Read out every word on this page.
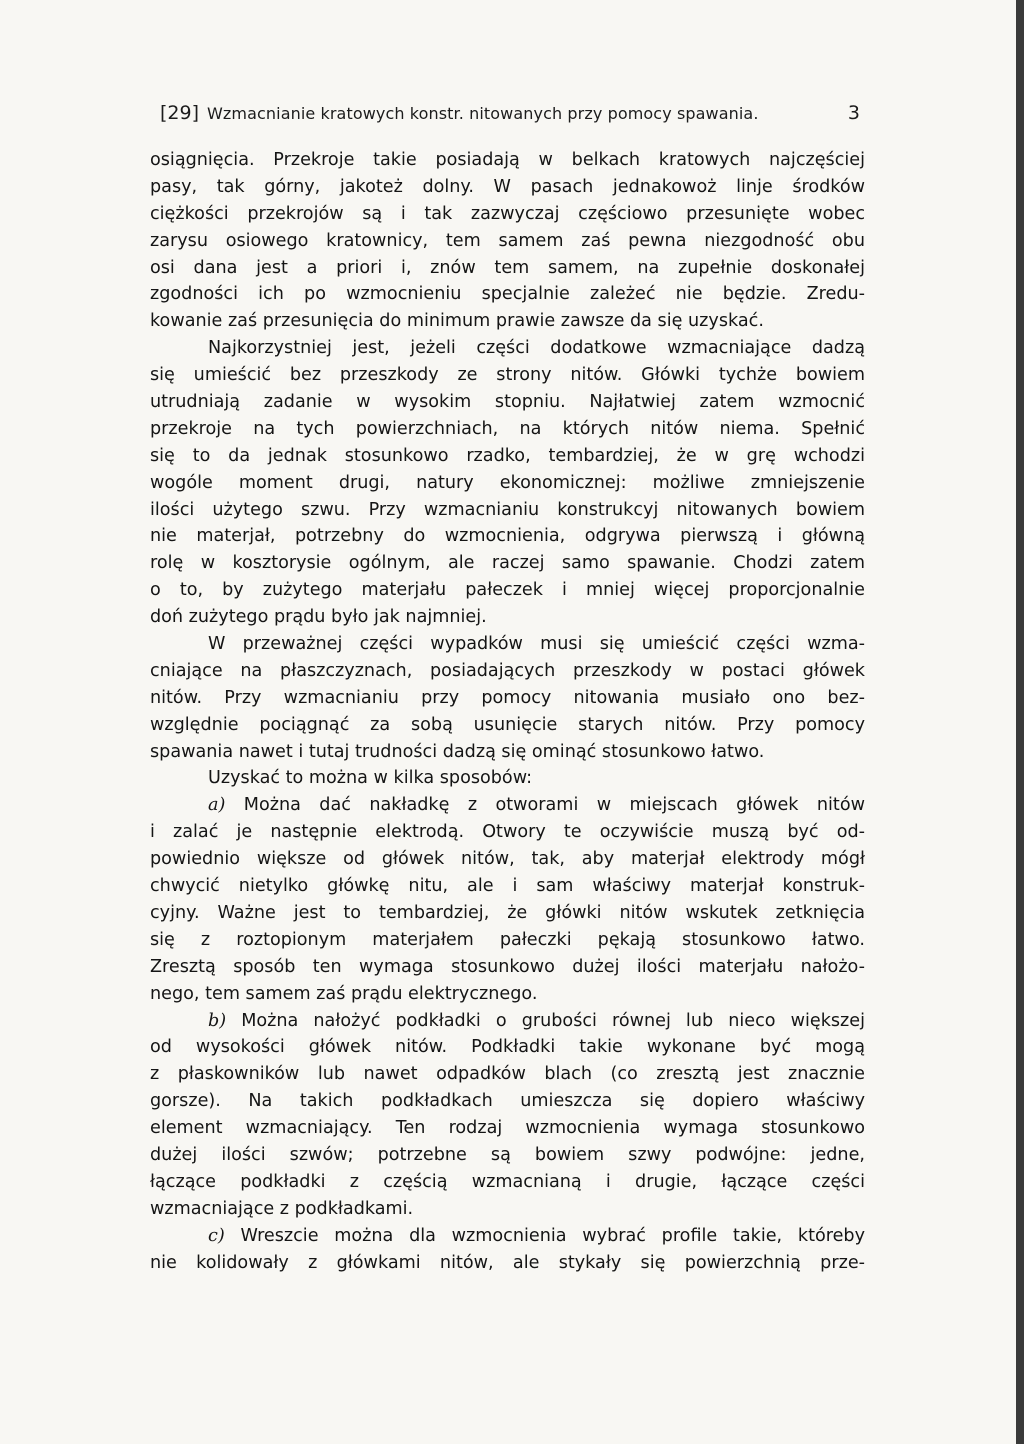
[29] Wzmacnianie kratowych konstr. nitowanych przy pomocy spawania.	3
osiągnięcia. Przekroje takie posiadają w belkach kratowych najczęściej
pasy, tak górny, jakoteż dolny. W pasach jednakowoż linje środków
ciężkości przekrojów są i tak zazwyczaj częściowo przesunięte wobec
zarysu osiowego kratownicy, tem samem zaś pewna niezgodność obu
osi dana jest a priori i, znów tem samem, na zupełnie doskonałej
zgodności ich po wzmocnieniu specjalnie zależeć nie będzie. Zredu-
kowanie zaś przesunięcia do minimum prawie zawsze da się uzyskać.
Najkorzystniej jest, jeżeli części dodatkowe wzmacniające dadzą
się umieścić bez przeszkody ze strony nitów. Główki tychże bowiem
utrudniają zadanie w wysokim stopniu. Najłatwiej zatem wzmocnić
przekroje na tych powierzchniach, na których nitów niema. Spełnić
się to da jednak stosunkowo rzadko, tembardziej, że w grę wchodzi
wogóle moment drugi, natury ekonomicznej: możliwe zmniejszenie
ilości użytego szwu. Przy wzmacnianiu konstrukcyj nitowanych bowiem
nie materjał, potrzebny do wzmocnienia, odgrywa pierwszą i główną
rolę w kosztorysie ogólnym, ale raczej samo spawanie. Chodzi zatem
o to, by zużytego materjału pałeczek i mniej więcej proporcjonalnie
doń zużytego prądu było jak najmniej.
W przeważnej części wypadków musi się umieścić części wzma-
cniające na płaszczyznach, posiadających przeszkody w postaci główek
nitów. Przy wzmacnianiu przy pomocy nitowania musiało ono bez-
względnie pociągnąć za sobą usunięcie starych nitów. Przy pomocy
spawania nawet i tutaj trudności dadzą się ominąć stosunkowo łatwo.
Uzyskać to można w kilka sposobów:
a) Można dać nakładkę z otworami w miejscach główek nitów
i zalać je następnie elektrodą. Otwory te oczywiście muszą być od-
powiednio większe od główek nitów, tak, aby materjał elektrody mógł
chwycić nietylko główkę nitu, ale i sam właściwy materjał konstruk-
cyjny. Ważne jest to tembardziej, że główki nitów wskutek zetknięcia
się z roztopionym materjałem pałeczki pękają stosunkowo łatwo.
Zresztą sposób ten wymaga stosunkowo dużej ilości materjału nałożo-
nego, tem samem zaś prądu elektrycznego.
b) Można nałożyć podkładki o grubości równej lub nieco większej
od wysokości główek nitów. Podkładki takie wykonane być mogą
z płaskowników lub nawet odpadków blach (co zresztą jest znacznie
gorsze). Na takich podkładkach umieszcza się dopiero właściwy
element wzmacniający. Ten rodzaj wzmocnienia wymaga stosunkowo
dużej ilości szwów; potrzebne są bowiem szwy podwójne: jedne,
łączące podkładki z częścią wzmacnianą i drugie, łączące części
wzmacniające z podkładkami.
c) Wreszcie można dla wzmocnienia wybrać profile takie, któreby
nie kolidowały z główkami nitów, ale stykały się powierzchnią prze-
